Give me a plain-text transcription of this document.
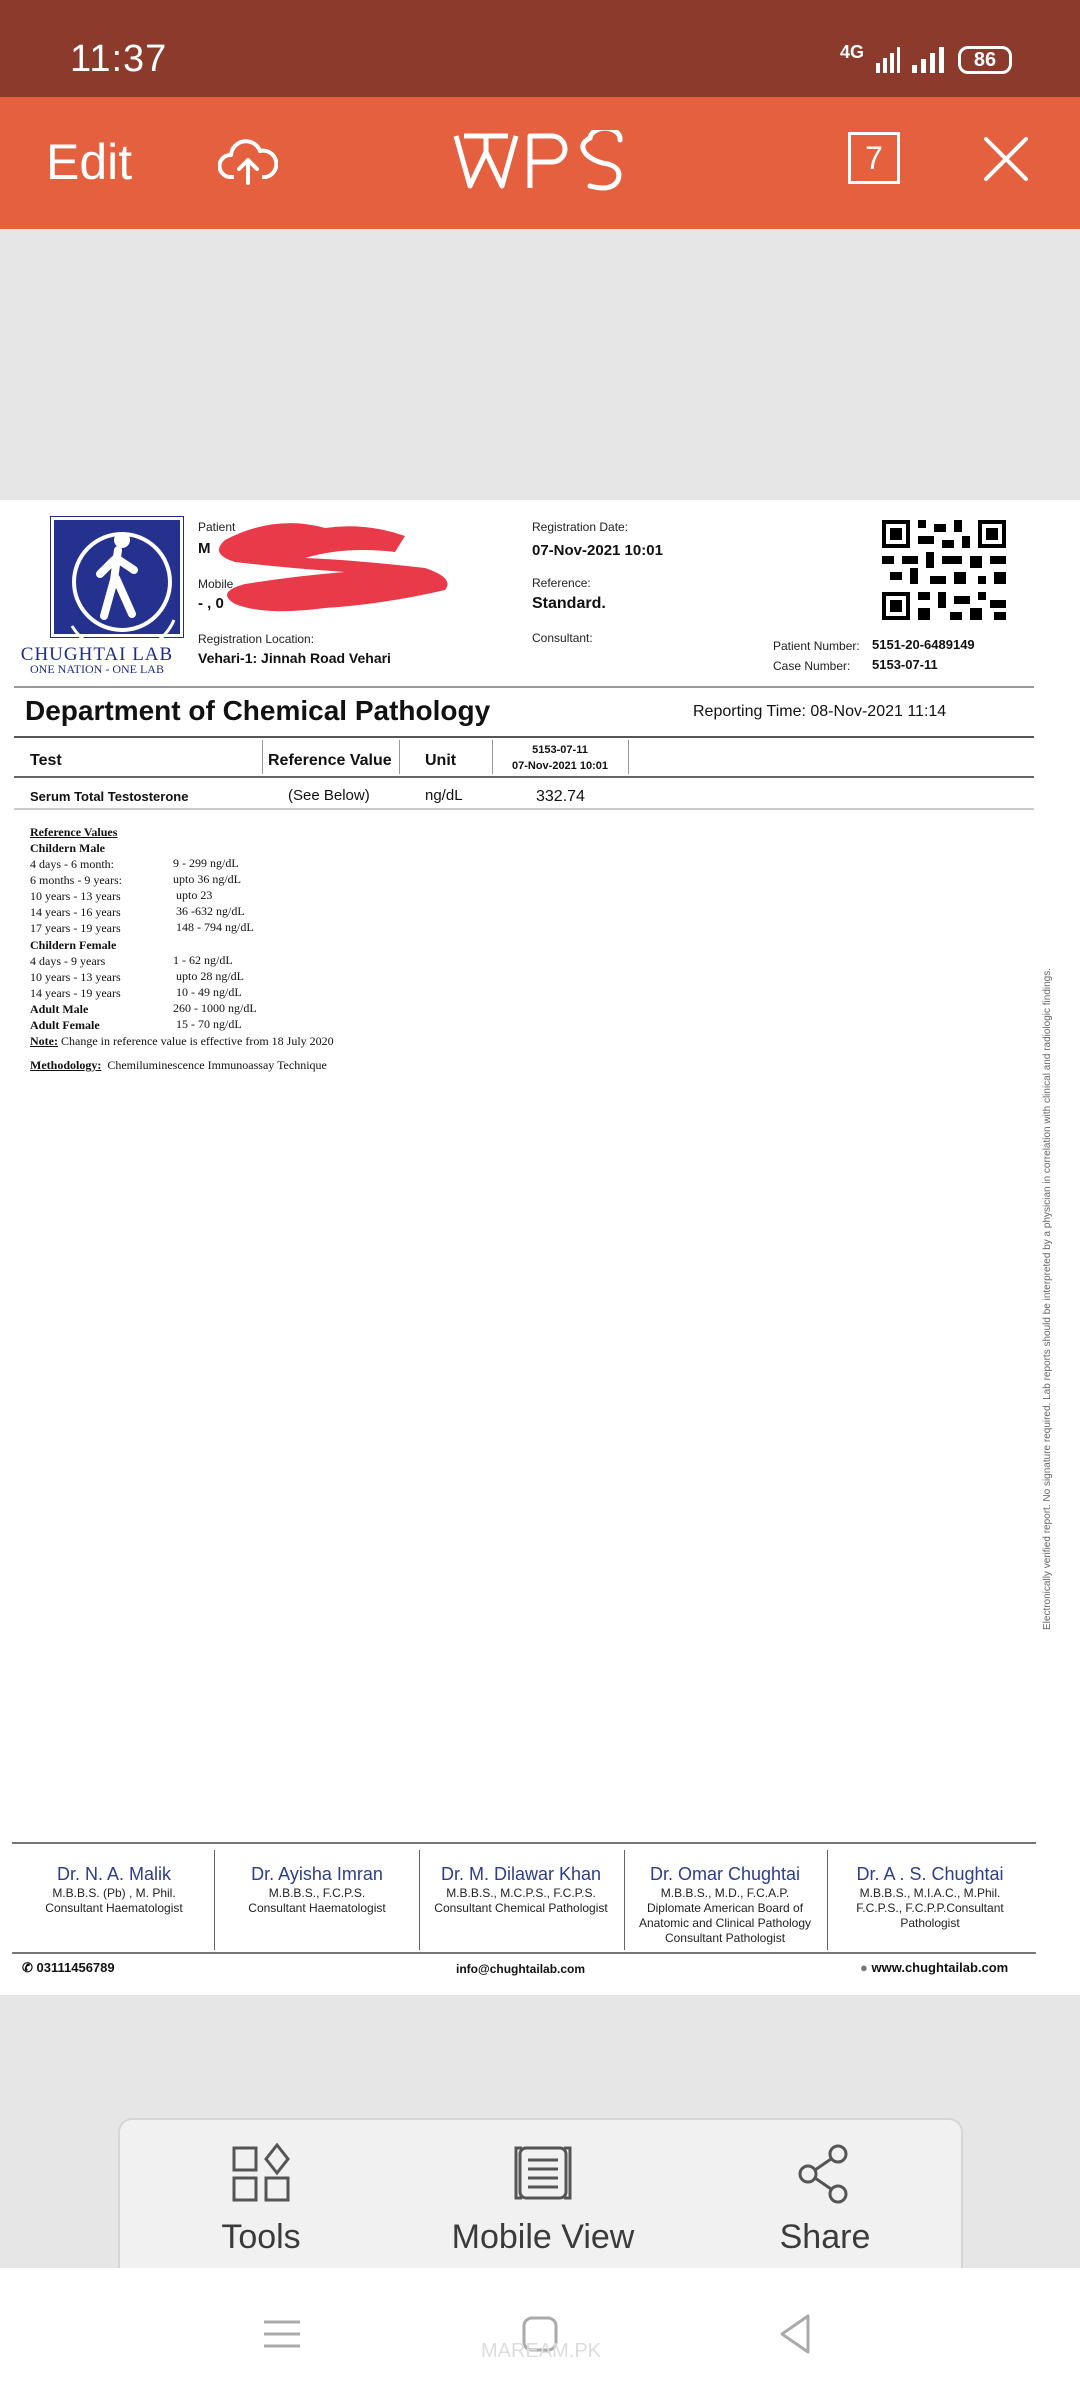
11:37	4G	86
Edit	WPS
7
CHUGHTAI LAB
ONE NATION - ONE LAB
Patient
M
Mobile
- , 0
Registration Location:
Vehari-1: Jinnah Road Vehari
Registration Date:
07-Nov-2021 10:01
Reference:
Standard.
Consultant:
Patient Number: 5151-20-6489149
Case Number: 5153-07-11
Department of Chemical Pathology	Reporting Time: 08-Nov-2021 11:14
Test	Reference Value Unit
5153-07-11
07-Nov-2021 10:01
Serum Total Testosterone	(See Below)	ng/dL	332.74
Reference Values
Childern Male
4 days - 6 month:	9 - 299 ng/dL
6 months - 9 years:	upto 36 ng/dL
10 years - 13 years	upto 23
14 years - 16 years	36 -632 ng/dL
17 years - 19 years	148 - 794 ng/dL
Childern Female
4 days - 9 years	1 - 62 ng/dL
10 years - 13 years	upto 28 ng/dL
14 years - 19 years	10 - 49 ng/dL
Adult Male	260 - 1000 ng/dL
Adult Female	15 - 70 ng/dL
Note: Change in reference value is effective from 18 July 2020
Methodology: Chemiluminescence Immunoassay Technique	Electronically verified report. No signature required. Lab reports should be interpreted by a physician in correlation with clinical and radiologic findings.
Dr. N. A. Malik
M.B.B.S. (Pb) , M. Phil.
Consultant Haematologist
Dr. Ayisha Imran
M.B.B.S., F.C.P.S.
Consultant Haematologist
Dr. M. Dilawar Khan
M.B.B.S., M.C.P.S., F.C.P.S.
Consultant Chemical Pathologist
Dr. Omar Chughtai
M.B.B.S., M.D., F.C.A.P.
Diplomate American Board of Anatomic and Clinical Pathology Consultant Pathologist
Dr. A . S. Chughtai
M.B.B.S., M.I.A.C., M.Phil.
F.C.P.S., F.C.P.P.Consultant Pathologist
✆ 03111456789	info@chughtailab.com	● www.chughtailab.com
Tools	Mobile View	Share
MAREAM.PK
